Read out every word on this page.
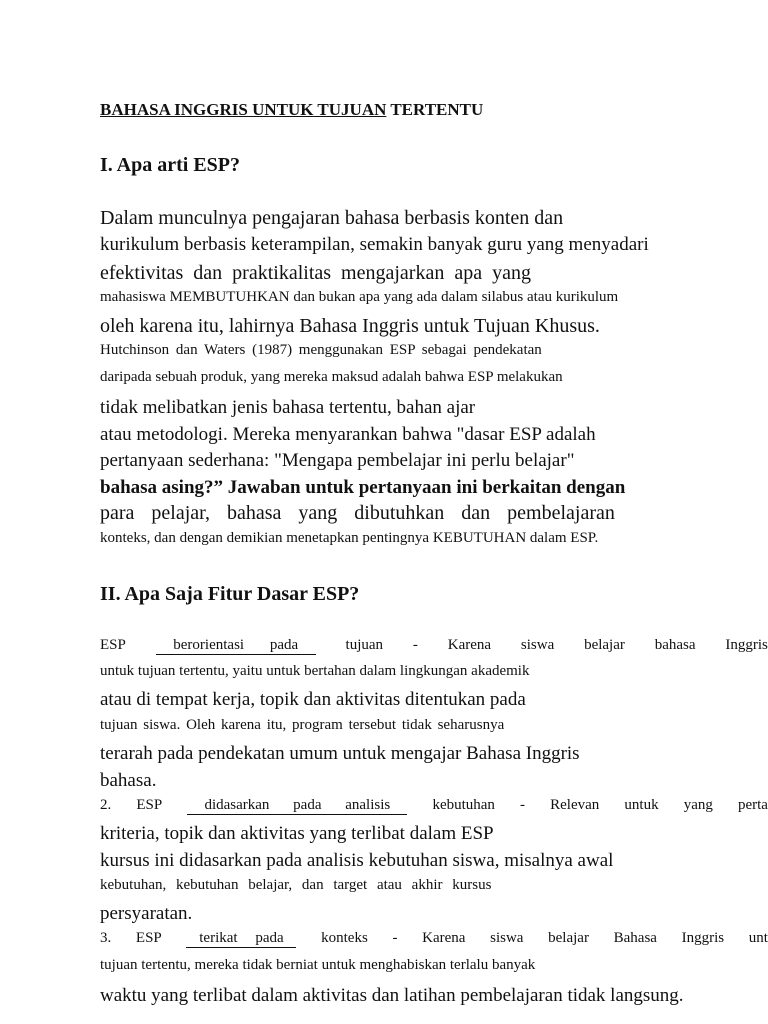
BAHASA INGGRIS UNTUK TUJUAN TERTENTU
I. Apa arti ESP?
Dalam munculnya pengajaran bahasa berbasis konten dan
kurikulum berbasis keterampilan, semakin banyak guru yang menyadari
efektivitas dan praktikalitas mengajarkan apa yang
mahasiswa MEMBUTUHKAN dan bukan apa yang ada dalam silabus atau kurikulum
oleh karena itu, lahirnya Bahasa Inggris untuk Tujuan Khusus.
Hutchinson dan Waters (1987) menggunakan ESP sebagai pendekatan
daripada sebuah produk, yang mereka maksud adalah bahwa ESP melakukan
tidak melibatkan jenis bahasa tertentu, bahan ajar
atau metodologi. Mereka menyarankan bahwa "dasar ESP adalah
pertanyaan sederhana: "Mengapa pembelajar ini perlu belajar"
bahasa asing?” Jawaban untuk pertanyaan ini berkaitan dengan
para pelajar, bahasa yang dibutuhkan dan pembelajaran
konteks, dan dengan demikian menetapkan pentingnya KEBUTUHAN dalam ESP.
II. Apa Saja Fitur Dasar ESP?
ESP	berorientasi pada	tujuan - Karena siswa belajar bahasa Inggris
untuk tujuan tertentu, yaitu untuk bertahan dalam lingkungan akademik
atau di tempat kerja, topik dan aktivitas ditentukan pada
tujuan siswa. Oleh karena itu, program tersebut tidak seharusnya
terarah pada pendekatan umum untuk mengajar Bahasa Inggris
bahasa.
2. ESP	didasarkan pada analisis	kebutuhan - Relevan untuk yang perta
kriteria, topik dan aktivitas yang terlibat dalam ESP
kursus ini didasarkan pada analisis kebutuhan siswa, misalnya awal
kebutuhan, kebutuhan belajar, dan target atau akhir kursus
persyaratan.
3. ESP	terikat pada	konteks - Karena siswa belajar Bahasa Inggris unt
tujuan tertentu, mereka tidak berniat untuk menghabiskan terlalu banyak
waktu yang terlibat dalam aktivitas dan latihan pembelajaran tidak langsung.
